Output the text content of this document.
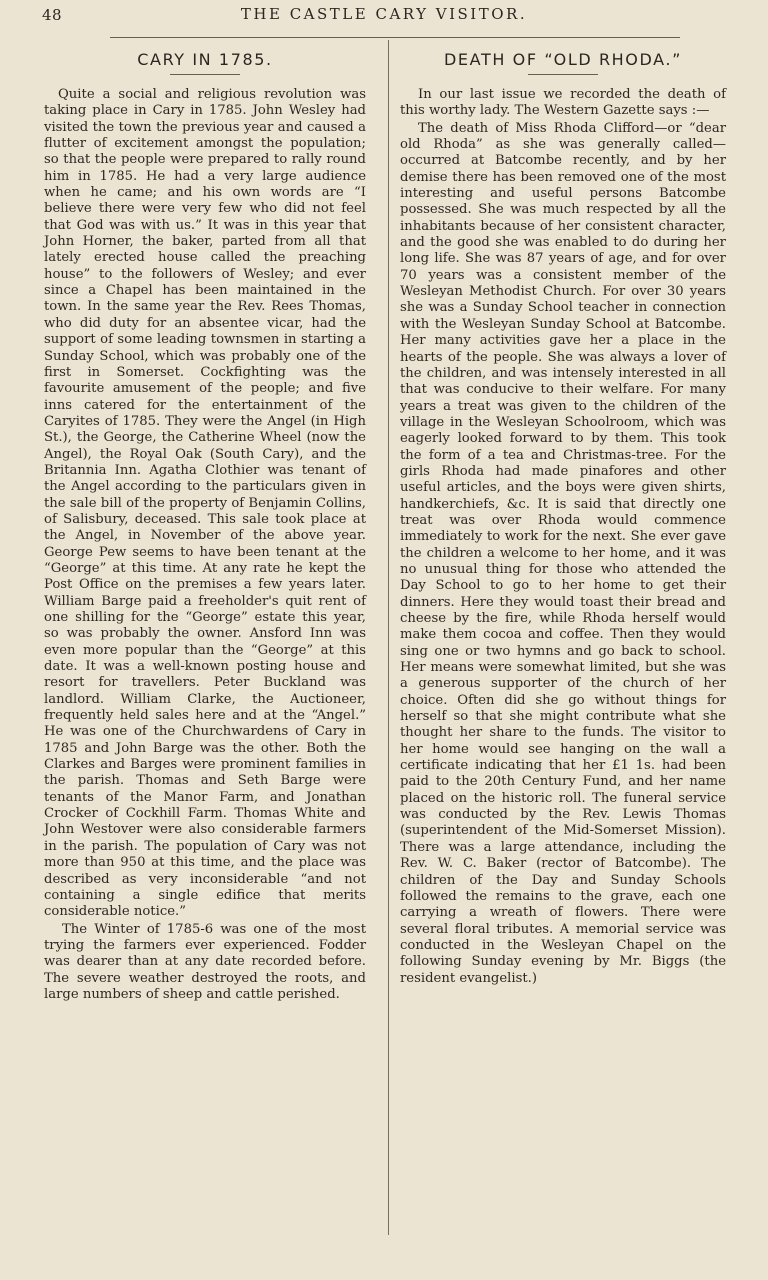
48	THE CASTLE CARY VISITOR.
CARY IN 1785.

Quite a social and religious revolution was taking place in Cary in 1785. John Wesley had visited the town the previous year and caused a flutter of excitement amongst the population; so that the people were prepared to rally round him in 1785. He had a very large audience when he came; and his own words are “I believe there were very few who did not feel that God was with us.” It was in this year that John Horner, the baker, parted from all that lately erected house called the preaching house” to the followers of Wesley; and ever since a Chapel has been maintained in the town. In the same year the Rev. Rees Thomas, who did duty for an absentee vicar, had the support of some leading townsmen in starting a Sunday School, which was probably one of the first in Somerset. Cockfighting was the favourite amusement of the people; and five inns catered for the entertainment of the Caryites of 1785. They were the Angel (in High St.), the George, the Catherine Wheel (now the Angel), the Royal Oak (South Cary), and the Britannia Inn. Agatha Clothier was tenant of the Angel according to the particulars given in the sale bill of the property of Benjamin Collins, of Salisbury, deceased. This sale took place at the Angel, in November of the above year. George Pew seems to have been tenant at the “George” at this time. At any rate he kept the Post Office on the premises a few years later. William Barge paid a freeholder's quit rent of one shilling for the “George” estate this year, so was probably the owner. Ansford Inn was even more popular than the “George” at this date. It was a well-known posting house and resort for travellers. Peter Buckland was landlord. William Clarke, the Auctioneer, frequently held sales here and at the “Angel.” He was one of the Churchwardens of Cary in 1785 and John Barge was the other. Both the Clarkes and Barges were prominent families in the parish. Thomas and Seth Barge were tenants of the Manor Farm, and Jonathan Crocker of Cockhill Farm. Thomas White and John Westover were also considerable farmers in the parish. The population of Cary was not more than 950 at this time, and the place was described as very inconsiderable “and not containing a single edifice that merits considerable notice.”

The Winter of 1785-6 was one of the most trying the farmers ever experienced. Fodder was dearer than at any date recorded before. The severe weather destroyed the roots, and large numbers of sheep and cattle perished.

DEATH OF “OLD RHODA.”

In our last issue we recorded the death of this worthy lady. The Western Gazette says :—

The death of Miss Rhoda Clifford—or “dear old Rhoda” as she was generally called—occurred at Batcombe recently, and by her demise there has been removed one of the most interesting and useful persons Batcombe possessed. She was much respected by all the inhabitants because of her consistent character, and the good she was enabled to do during her long life. She was 87 years of age, and for over 70 years was a consistent member of the Wesleyan Methodist Church. For over 30 years she was a Sunday School teacher in connection with the Wesleyan Sunday School at Batcombe. Her many activities gave her a place in the hearts of the people. She was always a lover of the children, and was intensely interested in all that was conducive to their welfare. For many years a treat was given to the children of the village in the Wesleyan Schoolroom, which was eagerly looked forward to by them. This took the form of a tea and Christmas-tree. For the girls Rhoda had made pinafores and other useful articles, and the boys were given shirts, handkerchiefs, &c. It is said that directly one treat was over Rhoda would commence immediately to work for the next. She ever gave the children a welcome to her home, and it was no unusual thing for those who attended the Day School to go to her home to get their dinners. Here they would toast their bread and cheese by the fire, while Rhoda herself would make them cocoa and coffee. Then they would sing one or two hymns and go back to school. Her means were somewhat limited, but she was a generous supporter of the church of her choice. Often did she go without things for herself so that she might contribute what she thought her share to the funds. The visitor to her home would see hanging on the wall a certificate indicating that her £1 1s. had been paid to the 20th Century Fund, and her name placed on the historic roll. The funeral service was conducted by the Rev. Lewis Thomas (superintendent of the Mid-Somerset Mission). There was a large attendance, including the Rev. W. C. Baker (rector of Batcombe). The children of the Day and Sunday Schools followed the remains to the grave, each one carrying a wreath of flowers. There were several floral tributes. A memorial service was conducted in the Wesleyan Chapel on the following Sunday evening by Mr. Biggs (the resident evangelist.)
